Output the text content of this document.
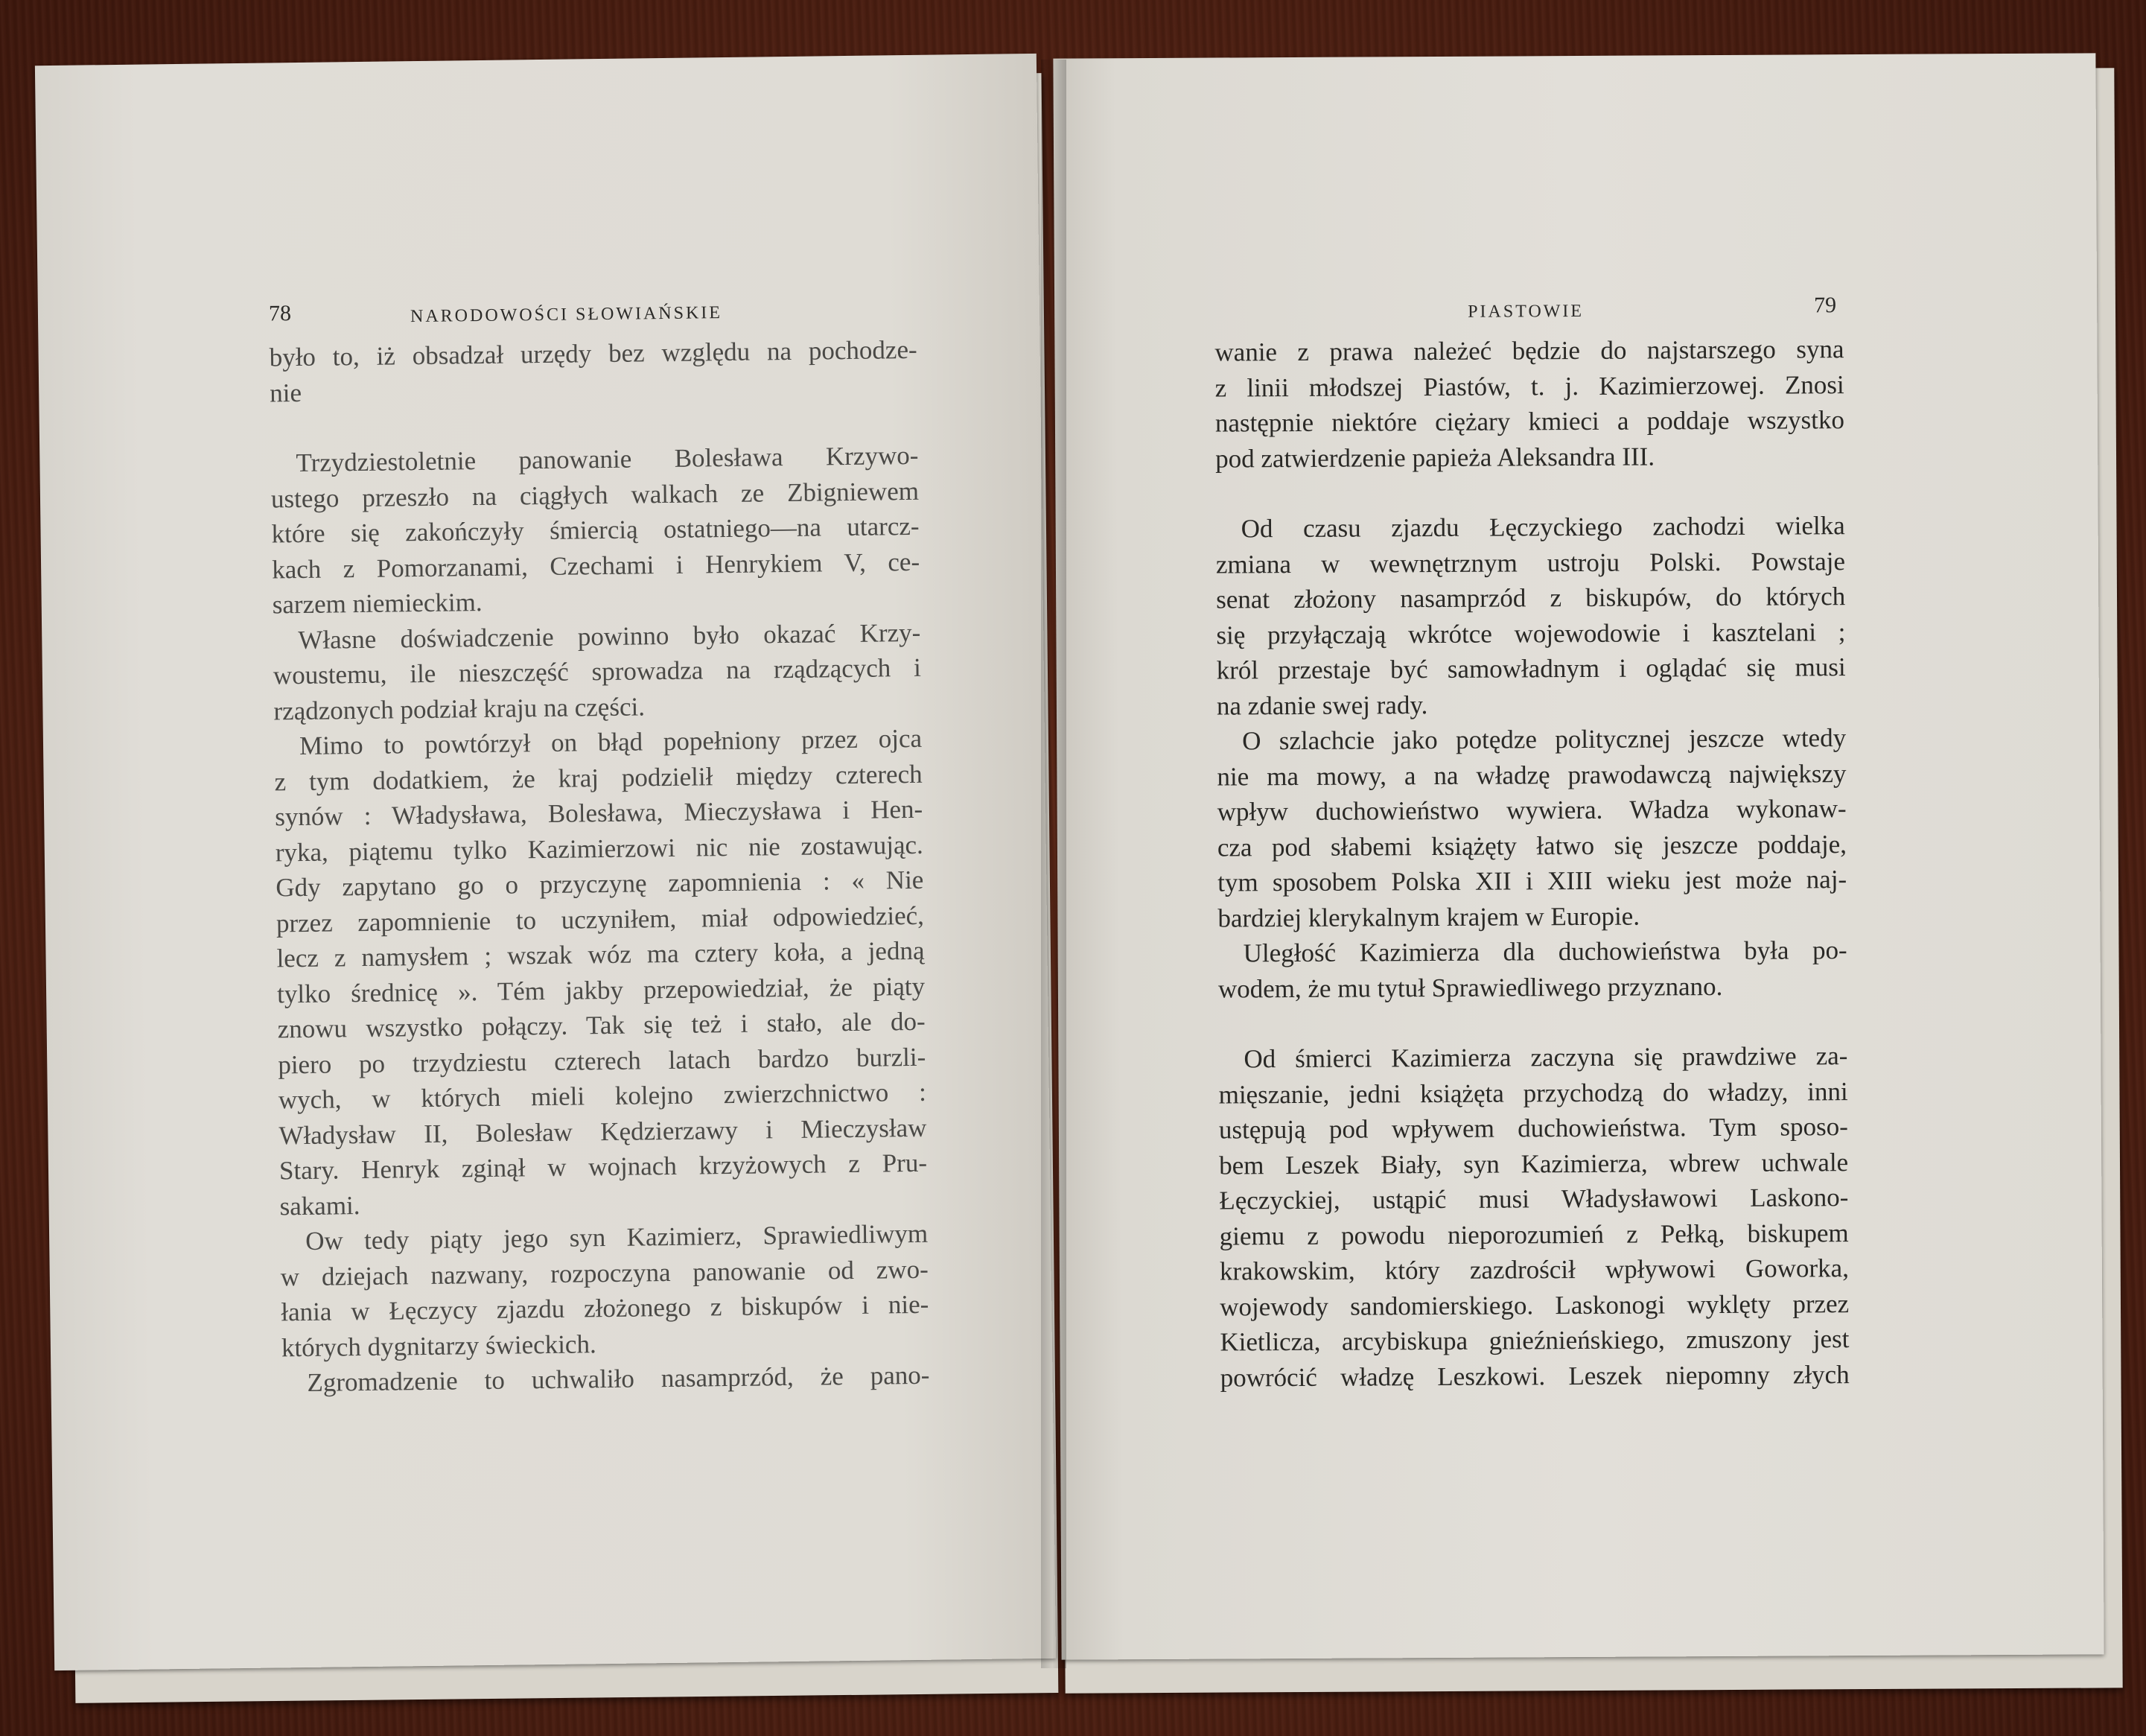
78	NARODOWOŚCI SŁOWIAŃSKIE
było to, iż obsadzał urzędy bez względu na pochodze-
nie
Trzydziestoletnie panowanie Bolesława Krzywo-
ustego przeszło na ciągłych walkach ze Zbigniewem
które się zakończyły śmiercią ostatniego—na utarcz-
kach z Pomorzanami, Czechami i Henrykiem V, ce-
sarzem niemieckim.
Własne doświadczenie powinno było okazać Krzy-
woustemu, ile nieszczęść sprowadza na rządzących i
rządzonych podział kraju na części.
Mimo to powtórzył on błąd popełniony przez ojca
z tym dodatkiem, że kraj podzielił między czterech
synów : Władysława, Bolesława, Mieczysława i Hen-
ryka, piątemu tylko Kazimierzowi nic nie zostawując.
Gdy zapytano go o przyczynę zapomnienia : « Nie
przez zapomnienie to uczyniłem, miał odpowiedzieć,
lecz z namysłem ; wszak wóz ma cztery koła, a jedną
tylko średnicę ». Tém jakby przepowiedział, że piąty
znowu wszystko połączy. Tak się też i stało, ale do-
piero po trzydziestu czterech latach bardzo burzli-
wych, w których mieli kolejno zwierzchnictwo :
Władysław II, Bolesław Kędzierzawy i Mieczysław
Stary. Henryk zginął w wojnach krzyżowych z Pru-
sakami.
Ow tedy piąty jego syn Kazimierz, Sprawiedliwym
w dziejach nazwany, rozpoczyna panowanie od zwo-
łania w Łęczycy zjazdu złożonego z biskupów i nie-
których dygnitarzy świeckich.
Zgromadzenie to uchwaliło nasamprzód, że pano-
PIASTOWIE	79
wanie z prawa należeć będzie do najstarszego syna
z linii młodszej Piastów, t. j. Kazimierzowej. Znosi
następnie niektóre ciężary kmieci a poddaje wszystko
pod zatwierdzenie papieża Aleksandra III.
Od czasu zjazdu Łęczyckiego zachodzi wielka
zmiana w wewnętrznym ustroju Polski. Powstaje
senat złożony nasamprzód z biskupów, do których
się przyłączają wkrótce wojewodowie i kasztelani ;
król przestaje być samowładnym i oglądać się musi
na zdanie swej rady.
O szlachcie jako potędze politycznej jeszcze wtedy
nie ma mowy, a na władzę prawodawczą największy
wpływ duchowieństwo wywiera. Władza wykonaw-
cza pod słabemi książęty łatwo się jeszcze poddaje,
tym sposobem Polska XII i XIII wieku jest może naj-
bardziej klerykalnym krajem w Europie.
Uległość Kazimierza dla duchowieństwa była po-
wodem, że mu tytuł Sprawiedliwego przyznano.
Od śmierci Kazimierza zaczyna się prawdziwe za-
mięszanie, jedni książęta przychodzą do władzy, inni
ustępują pod wpływem duchowieństwa. Tym sposo-
bem Leszek Biały, syn Kazimierza, wbrew uchwale
Łęczyckiej, ustąpić musi Władysławowi Laskono-
giemu z powodu nieporozumień z Pełką, biskupem
krakowskim, który zazdrościł wpływowi Goworka,
wojewody sandomierskiego. Laskonogi wyklęty przez
Kietlicza, arcybiskupa gnieźnieńskiego, zmuszony jest
powrócić władzę Leszkowi. Leszek niepomny złych
